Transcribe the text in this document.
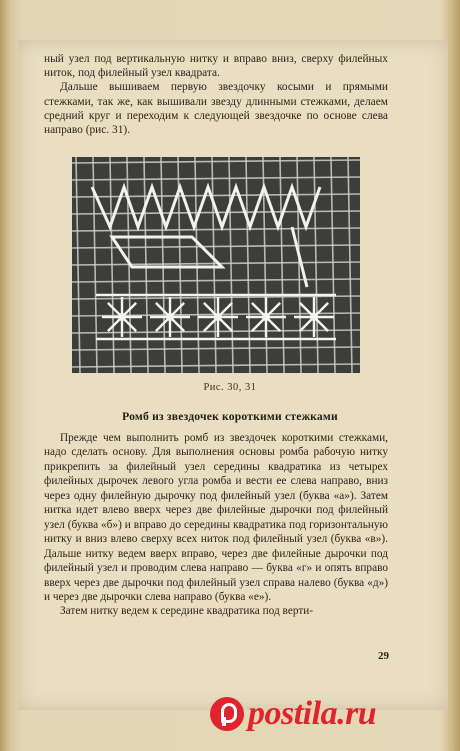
ный узел под вертикальную нитку и вправо вниз, сверху филейных ниток, под филейный узел квадрата.

Дальше вышиваем первую звездочку косыми и прямыми стежками, так же, как вышивали звезду длинными стежками, делаем средний круг и переходим к следующей звездочке по основе слева направо (рис. 31).

Рис. 30, 31
Ромб из звездочек короткими стежками

Прежде чем выполнить ромб из звездочек короткими стежками, надо сделать основу. Для выполнения основы ромба рабочую нитку прикрепить за филейный узел середины квадратика из четырех филейных дырочек левого угла ромба и вести ее слева направо, вниз через одну филейную дырочку под филейный узел (буква «а»). Затем нитка идет влево вверх через две филейные дырочки под филейный узел (буква «б») и вправо до середины квадратика под горизонтальную нитку и вниз влево сверху всех ниток под филейный узел (буква «в»). Дальше нитку ведем вверх вправо, через две филейные дырочки под филейный узел и проводим слева направо — буква «г» и опять вправо вверх через две дырочки под филейный узел справа налево (буква «д») и через две дырочки слева направо (буква «е»).

Затем нитку ведем к середине квадратика под верти-

29
postila.ru
